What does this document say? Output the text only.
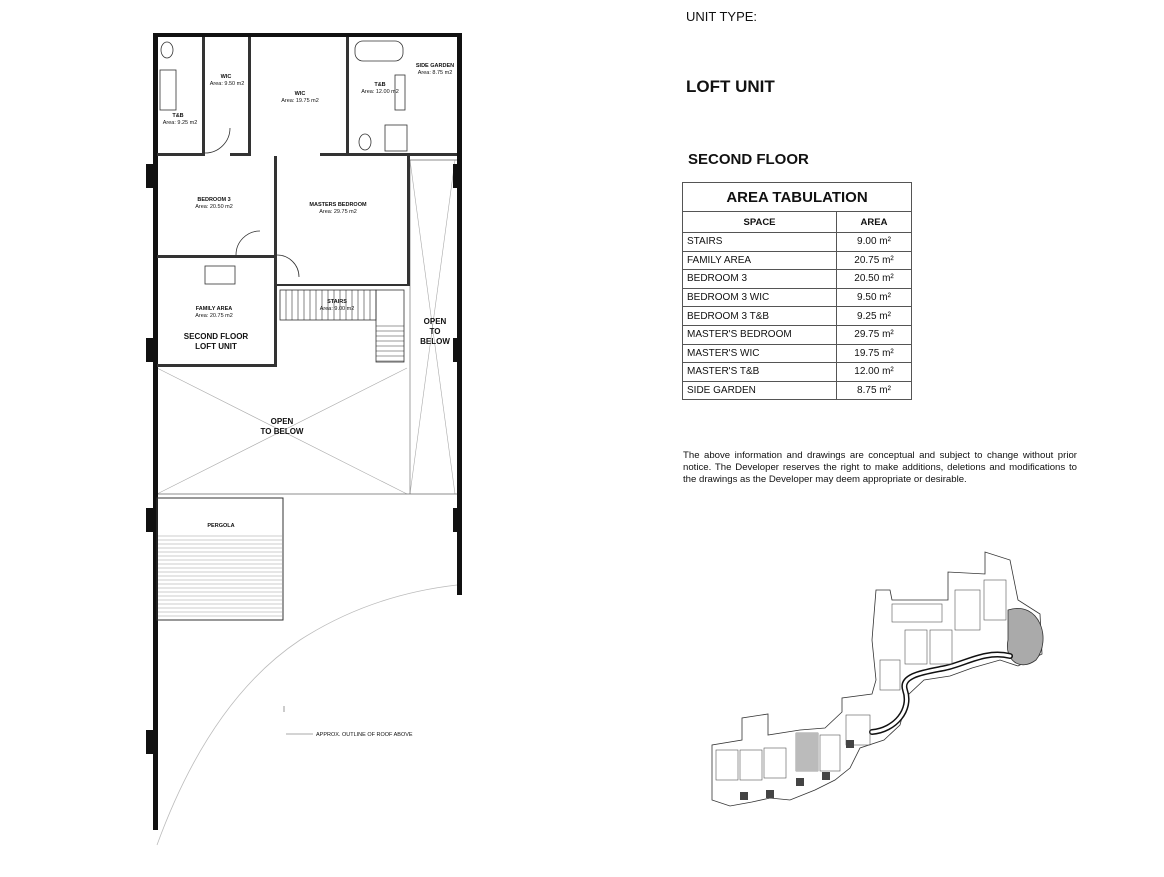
WIC
Area: 9.50 m2
T&B
Area: 9.25 m2
WIC
Area: 19.75 m2
T&B
Area: 12.00 m2
SIDE GARDEN
Area: 8.75 m2
BEDROOM 3
Area: 20.50 m2	MASTERS BEDROOM
Area: 29.75 m2
FAMILY AREA
Area: 20.75 m2
STAIRS
Area: 9.00 m2
PERGOLA
SECOND FLOOR
LOFT UNIT
OPEN
TO
BELOW
OPEN
TO BELOW
APPROX. OUTLINE OF ROOF ABOVE
UNIT TYPE:
LOFT UNIT
SECOND FLOOR
AREA TABULATION	
SPACE	AREA
STAIRS	9.00 m²
FAMILY AREA	20.75 m²
BEDROOM 3	20.50 m²
BEDROOM 3 WIC	9.50 m²
BEDROOM 3 T&B	9.25 m²
MASTER'S BEDROOM	29.75 m²
MASTER'S WIC	19.75 m²
MASTER'S T&B	12.00 m²
SIDE GARDEN	8.75 m²
The above information and drawings are conceptual and subject to change without prior notice. The Developer reserves the right to make additions, deletions and modifications to the drawings as the Developer may deem appropriate or desirable.
